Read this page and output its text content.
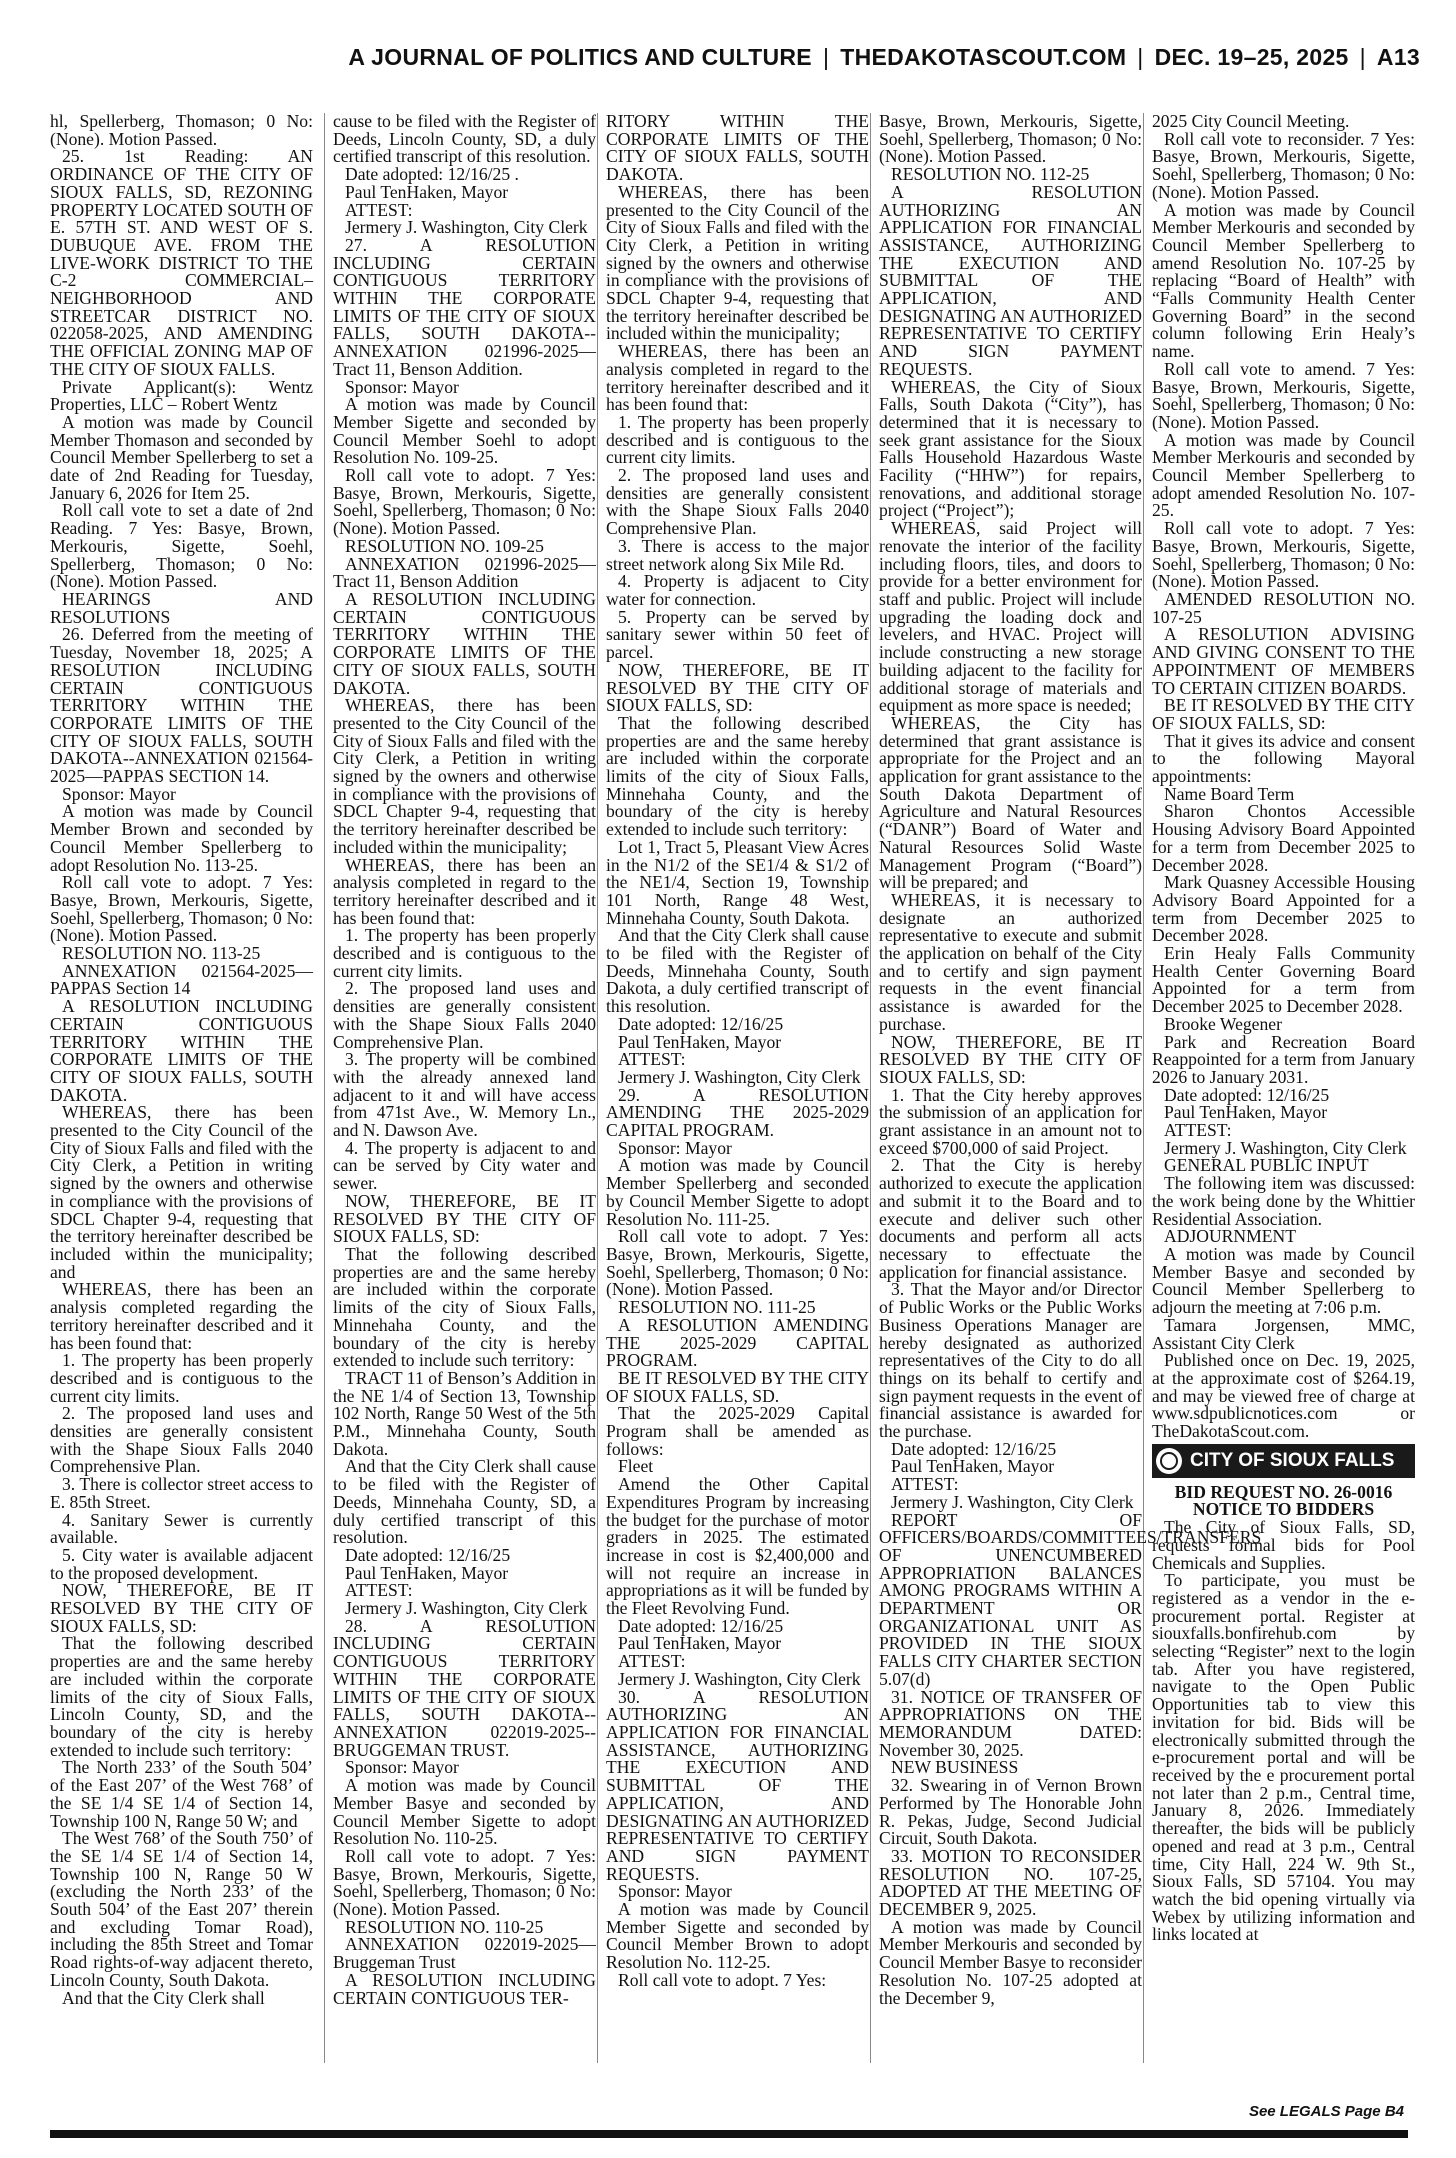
A JOURNAL OF POLITICS AND CULTURE | THEDAKOTASCOUT.COM | DEC. 19–25, 2025 | A13

hl, Spellerberg, Thomason; 0 No: (None). Motion Passed.

25. 1st Reading: AN ORDINANCE OF THE CITY OF SIOUX FALLS, SD, REZONING PROPERTY LOCATED SOUTH OF E. 57TH ST. AND WEST OF S. DUBUQUE AVE. FROM THE LIVE-WORK DISTRICT TO THE C-2 COMMERCIAL–NEIGHBORHOOD AND STREETCAR DISTRICT NO. 022058-2025, AND AMENDING THE OFFICIAL ZONING MAP OF THE CITY OF SIOUX FALLS.

Private Applicant(s): Wentz Properties, LLC – Robert Wentz

A motion was made by Council Member Thomason and seconded by Council Member Spellerberg to set a date of 2nd Reading for Tuesday, January 6, 2026 for Item 25.

Roll call vote to set a date of 2nd Reading. 7 Yes: Basye, Brown, Merkouris, Sigette, Soehl, Spellerberg, Thomason; 0 No: (None). Motion Passed.

HEARINGS AND RESOLUTIONS

26. Deferred from the meeting of Tuesday, November 18, 2025; A RESOLUTION INCLUDING CERTAIN CONTIGUOUS TERRITORY WITHIN THE CORPORATE LIMITS OF THE CITY OF SIOUX FALLS, SOUTH DAKOTA--ANNEXATION 021564-2025—PAPPAS SECTION 14.

Sponsor: Mayor

A motion was made by Council Member Brown and seconded by Council Member Spellerberg to adopt Resolution No. 113-25.

Roll call vote to adopt. 7 Yes: Basye, Brown, Merkouris, Sigette, Soehl, Spellerberg, Thomason; 0 No: (None). Motion Passed.

RESOLUTION NO. 113-25

ANNEXATION 021564-2025—PAPPAS Section 14

A RESOLUTION INCLUDING CERTAIN CONTIGUOUS TERRITORY WITHIN THE CORPORATE LIMITS OF THE CITY OF SIOUX FALLS, SOUTH DAKOTA.

WHEREAS, there has been presented to the City Council of the City of Sioux Falls and filed with the City Clerk, a Petition in writing signed by the owners and otherwise in compliance with the provisions of SDCL Chapter 9-4, requesting that the territory hereinafter described be included within the municipality; and

WHEREAS, there has been an analysis completed regarding the territory hereinafter described and it has been found that:

1. The property has been properly described and is contiguous to the current city limits.

2. The proposed land uses and densities are generally consistent with the Shape Sioux Falls 2040 Comprehensive Plan.

3. There is collector street access to E. 85th Street.

4. Sanitary Sewer is currently available.

5. City water is available adjacent to the proposed development.

NOW, THEREFORE, BE IT RESOLVED BY THE CITY OF SIOUX FALLS, SD:

That the following described properties are and the same hereby are included within the corporate limits of the city of Sioux Falls, Lincoln County, SD, and the boundary of the city is hereby extended to include such territory:

The North 233’ of the South 504’ of the East 207’ of the West 768’ of the SE 1/4 SE 1/4 of Section 14, Township 100 N, Range 50 W; and

The West 768’ of the South 750’ of the SE 1/4 SE 1/4 of Section 14, Township 100 N, Range 50 W (excluding the North 233’ of the South 504’ of the East 207’ therein and excluding Tomar Road), including the 85th Street and Tomar Road rights-of-way adjacent thereto, Lincoln County, South Dakota.

And that the City Clerk shall

cause to be filed with the Register of Deeds, Lincoln County, SD, a duly certified transcript of this resolution.

Date adopted: 12/16/25 .

Paul TenHaken, Mayor

ATTEST:

Jermery J. Washington, City Clerk

27. A RESOLUTION INCLUDING CERTAIN CONTIGUOUS TERRITORY WITHIN THE CORPORATE LIMITS OF THE CITY OF SIOUX FALLS, SOUTH DAKOTA--ANNEXATION 021996-2025—Tract 11, Benson Addition.

Sponsor: Mayor

A motion was made by Council Member Sigette and seconded by Council Member Soehl to adopt Resolution No. 109-25.

Roll call vote to adopt. 7 Yes: Basye, Brown, Merkouris, Sigette, Soehl, Spellerberg, Thomason; 0 No: (None). Motion Passed.

RESOLUTION NO. 109-25

ANNEXATION 021996-2025—Tract 11, Benson Addition

A RESOLUTION INCLUDING CERTAIN CONTIGUOUS TERRITORY WITHIN THE CORPORATE LIMITS OF THE CITY OF SIOUX FALLS, SOUTH DAKOTA.

WHEREAS, there has been presented to the City Council of the City of Sioux Falls and filed with the City Clerk, a Petition in writing signed by the owners and otherwise in compliance with the provisions of SDCL Chapter 9-4, requesting that the territory hereinafter described be included within the municipality;

WHEREAS, there has been an analysis completed in regard to the territory hereinafter described and it has been found that:

1. The property has been properly described and is contiguous to the current city limits.

2. The proposed land uses and densities are generally consistent with the Shape Sioux Falls 2040 Comprehensive Plan.

3. The property will be combined with the already annexed land adjacent to it and will have access from 471st Ave., W. Memory Ln., and N. Dawson Ave.

4. The property is adjacent to and can be served by City water and sewer.

NOW, THEREFORE, BE IT RESOLVED BY THE CITY OF SIOUX FALLS, SD:

That the following described properties are and the same hereby are included within the corporate limits of the city of Sioux Falls, Minnehaha County, and the boundary of the city is hereby extended to include such territory:

TRACT 11 of Benson’s Addition in the NE 1/4 of Section 13, Township 102 North, Range 50 West of the 5th P.M., Minnehaha County, South Dakota.

And that the City Clerk shall cause to be filed with the Register of Deeds, Minnehaha County, SD, a duly certified transcript of this resolution.

Date adopted: 12/16/25

Paul TenHaken, Mayor

ATTEST:

Jermery J. Washington, City Clerk

28. A RESOLUTION INCLUDING CERTAIN CONTIGUOUS TERRITORY WITHIN THE CORPORATE LIMITS OF THE CITY OF SIOUX FALLS, SOUTH DAKOTA--ANNEXATION 022019-2025--BRUGGEMAN TRUST.

Sponsor: Mayor

A motion was made by Council Member Basye and seconded by Council Member Sigette to adopt Resolution No. 110-25.

Roll call vote to adopt. 7 Yes: Basye, Brown, Merkouris, Sigette, Soehl, Spellerberg, Thomason; 0 No: (None). Motion Passed.

RESOLUTION NO. 110-25

ANNEXATION 022019-2025—Bruggeman Trust

A RESOLUTION INCLUDING CERTAIN CONTIGUOUS TER-

RITORY WITHIN THE CORPORATE LIMITS OF THE CITY OF SIOUX FALLS, SOUTH DAKOTA.

WHEREAS, there has been presented to the City Council of the City of Sioux Falls and filed with the City Clerk, a Petition in writing signed by the owners and otherwise in compliance with the provisions of SDCL Chapter 9-4, requesting that the territory hereinafter described be included within the municipality;

WHEREAS, there has been an analysis completed in regard to the territory hereinafter described and it has been found that:

1. The property has been properly described and is contiguous to the current city limits.

2. The proposed land uses and densities are generally consistent with the Shape Sioux Falls 2040 Comprehensive Plan.

3. There is access to the major street network along Six Mile Rd.

4. Property is adjacent to City water for connection.

5. Property can be served by sanitary sewer within 50 feet of parcel.

NOW, THEREFORE, BE IT RESOLVED BY THE CITY OF SIOUX FALLS, SD:

That the following described properties are and the same hereby are included within the corporate limits of the city of Sioux Falls, Minnehaha County, and the boundary of the city is hereby extended to include such territory:

Lot 1, Tract 5, Pleasant View Acres in the N1/2 of the SE1/4 & S1/2 of the NE1/4, Section 19, Township 101 North, Range 48 West, Minnehaha County, South Dakota.

And that the City Clerk shall cause to be filed with the Register of Deeds, Minnehaha County, South Dakota, a duly certified transcript of this resolution.

Date adopted: 12/16/25

Paul TenHaken, Mayor

ATTEST:

Jermery J. Washington, City Clerk

29. A RESOLUTION AMENDING THE 2025-2029 CAPITAL PROGRAM.

Sponsor: Mayor

A motion was made by Council Member Spellerberg and seconded by Council Member Sigette to adopt Resolution No. 111-25.

Roll call vote to adopt. 7 Yes: Basye, Brown, Merkouris, Sigette, Soehl, Spellerberg, Thomason; 0 No: (None). Motion Passed.

RESOLUTION NO. 111-25

A RESOLUTION AMENDING THE 2025-2029 CAPITAL PROGRAM.

BE IT RESOLVED BY THE CITY OF SIOUX FALLS, SD.

That the 2025-2029 Capital Program shall be amended as follows:

Fleet

Amend the Other Capital Expenditures Program by increasing the budget for the purchase of motor graders in 2025. The estimated increase in cost is $2,400,000 and will not require an increase in appropriations as it will be funded by the Fleet Revolving Fund.

Date adopted: 12/16/25

Paul TenHaken, Mayor

ATTEST:

Jermery J. Washington, City Clerk

30. A RESOLUTION AUTHORIZING AN APPLICATION FOR FINANCIAL ASSISTANCE, AUTHORIZING THE EXECUTION AND SUBMITTAL OF THE APPLICATION, AND DESIGNATING AN AUTHORIZED REPRESENTATIVE TO CERTIFY AND SIGN PAYMENT REQUESTS.

Sponsor: Mayor

A motion was made by Council Member Sigette and seconded by Council Member Brown to adopt Resolution No. 112-25.

Roll call vote to adopt. 7 Yes:

Basye, Brown, Merkouris, Sigette, Soehl, Spellerberg, Thomason; 0 No: (None). Motion Passed.

RESOLUTION NO. 112-25

A RESOLUTION AUTHORIZING AN APPLICATION FOR FINANCIAL ASSISTANCE, AUTHORIZING THE EXECUTION AND SUBMITTAL OF THE APPLICATION, AND DESIGNATING AN AUTHORIZED REPRESENTATIVE TO CERTIFY AND SIGN PAYMENT REQUESTS.

WHEREAS, the City of Sioux Falls, South Dakota (“City”), has determined that it is necessary to seek grant assistance for the Sioux Falls Household Hazardous Waste Facility (“HHW”) for repairs, renovations, and additional storage project (“Project”);

WHEREAS, said Project will renovate the interior of the facility including floors, tiles, and doors to provide for a better environment for staff and public. Project will include upgrading the loading dock and levelers, and HVAC. Project will include constructing a new storage building adjacent to the facility for additional storage of materials and equipment as more space is needed;

WHEREAS, the City has determined that grant assistance is appropriate for the Project and an application for grant assistance to the South Dakota Department of Agriculture and Natural Resources (“DANR”) Board of Water and Natural Resources Solid Waste Management Program (“Board”) will be prepared; and

WHEREAS, it is necessary to designate an authorized representative to execute and submit the application on behalf of the City and to certify and sign payment requests in the event financial assistance is awarded for the purchase.

NOW, THEREFORE, BE IT RESOLVED BY THE CITY OF SIOUX FALLS, SD:

1. That the City hereby approves the submission of an application for grant assistance in an amount not to exceed $700,000 of said Project.

2. That the City is hereby authorized to execute the application and submit it to the Board and to execute and deliver such other documents and perform all acts necessary to effectuate the application for financial assistance.

3. That the Mayor and/or Director of Public Works or the Public Works Business Operations Manager are hereby designated as authorized representatives of the City to do all things on its behalf to certify and sign payment requests in the event of financial assistance is awarded for the purchase.

Date adopted: 12/16/25

Paul TenHaken, Mayor

ATTEST:

Jermery J. Washington, City Clerk

REPORT OF OFFICERS/BOARDS/COMMITTEES/TRANSFERS OF UNENCUMBERED APPROPRIATION BALANCES AMONG PROGRAMS WITHIN A DEPARTMENT OR ORGANIZATIONAL UNIT AS PROVIDED IN THE SIOUX FALLS CITY CHARTER SECTION 5.07(d)

31. NOTICE OF TRANSFER OF APPROPRIATIONS ON THE MEMORANDUM DATED: November 30, 2025.

NEW BUSINESS

32. Swearing in of Vernon Brown Performed by The Honorable John R. Pekas, Judge, Second Judicial Circuit, South Dakota.

33. MOTION TO RECONSIDER RESOLUTION NO. 107-25, ADOPTED AT THE MEETING OF DECEMBER 9, 2025.

A motion was made by Council Member Merkouris and seconded by Council Member Basye to reconsider Resolution No. 107-25 adopted at the December 9,

2025 City Council Meeting.

Roll call vote to reconsider. 7 Yes: Basye, Brown, Merkouris, Sigette, Soehl, Spellerberg, Thomason; 0 No: (None). Motion Passed.

A motion was made by Council Member Merkouris and seconded by Council Member Spellerberg to amend Resolution No. 107-25 by replacing “Board of Health” with “Falls Community Health Center Governing Board” in the second column following Erin Healy’s name.

Roll call vote to amend. 7 Yes: Basye, Brown, Merkouris, Sigette, Soehl, Spellerberg, Thomason; 0 No: (None). Motion Passed.

A motion was made by Council Member Merkouris and seconded by Council Member Spellerberg to adopt amended Resolution No. 107-25.

Roll call vote to adopt. 7 Yes: Basye, Brown, Merkouris, Sigette, Soehl, Spellerberg, Thomason; 0 No: (None). Motion Passed.

AMENDED RESOLUTION NO. 107-25

A RESOLUTION ADVISING AND GIVING CONSENT TO THE APPOINTMENT OF MEMBERS TO CERTAIN CITIZEN BOARDS.

BE IT RESOLVED BY THE CITY OF SIOUX FALLS, SD:

That it gives its advice and consent to the following Mayoral appointments:

Name Board Term

Sharon Chontos Accessible Housing Advisory Board Appointed for a term from December 2025 to December 2028.

Mark Quasney Accessible Housing Advisory Board Appointed for a term from December 2025 to December 2028.

Erin Healy Falls Community Health Center Governing Board Appointed for a term from December 2025 to December 2028.

Brooke Wegener

Park and Recreation Board Reappointed for a term from January 2026 to January 2031.

Date adopted: 12/16/25

Paul TenHaken, Mayor

ATTEST:

Jermery J. Washington, City Clerk

GENERAL PUBLIC INPUT

The following item was discussed: the work being done by the Whittier Residential Association.

ADJOURNMENT

A motion was made by Council Member Basye and seconded by Council Member Spellerberg to adjourn the meeting at 7:06 p.m.

Tamara Jorgensen, MMC, Assistant City Clerk

Published once on Dec. 19, 2025, at the approximate cost of $264.19, and may be viewed free of charge at www.sdpublicnotices.com or TheDakotaScout.com.

CITY OF SIOUX FALLS

BID REQUEST NO. 26-0016

NOTICE TO BIDDERS

The City of Sioux Falls, SD, requests formal bids for Pool Chemicals and Supplies.

To participate, you must be registered as a vendor in the e-procurement portal. Register at siouxfalls.bonfirehub.com by selecting “Register” next to the login tab. After you have registered, navigate to the Open Public Opportunities tab to view this invitation for bid. Bids will be electronically submitted through the e-procurement portal and will be received by the e procurement portal not later than 2 p.m., Central time, January 8, 2026. Immediately thereafter, the bids will be publicly opened and read at 3 p.m., Central time, City Hall, 224 W. 9th St., Sioux Falls, SD 57104. You may watch the bid opening virtually via Webex by utilizing information and links located at

See LEGALS Page B4
